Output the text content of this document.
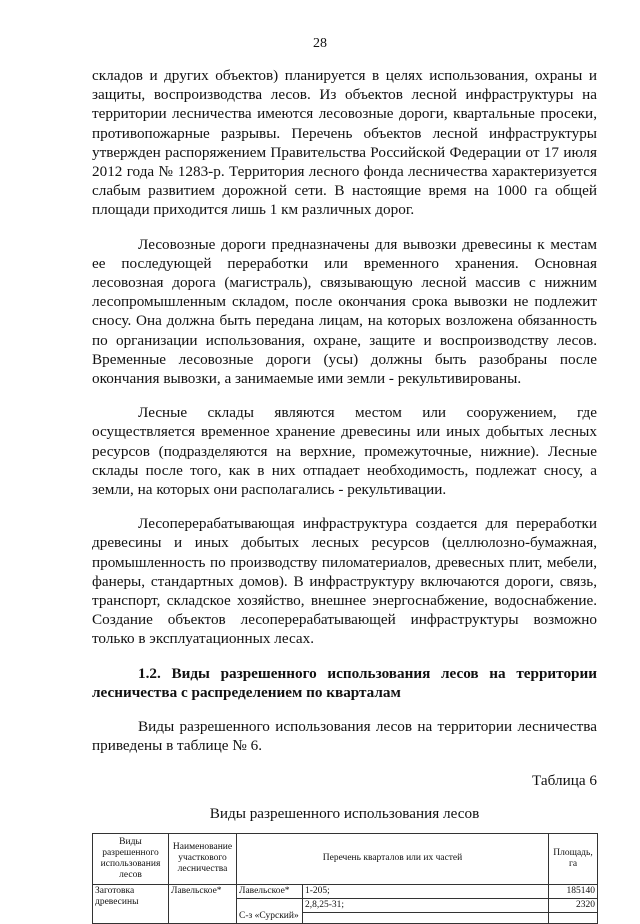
28

складов и других объектов) планируется в целях использования, охраны и защиты, воспроизводства лесов. Из объектов лесной инфраструктуры на территории лесничества имеются лесовозные дороги, квартальные просеки, противопожарные разрывы. Перечень объектов лесной инфраструктуры утвержден распоряжением Правительства Российской Федерации от 17 июля 2012 года № 1283-р. Территория лесного фонда лесничества характеризуется слабым развитием дорожной сети. В настоящие время на 1000 га общей площади приходится лишь 1 км различных дорог.

Лесовозные дороги предназначены для вывозки древесины к местам ее последующей переработки или временного хранения. Основная лесовозная дорога (магистраль), связывающую лесной массив с нижним лесопромышленным складом, после окончания срока вывозки не подлежит сносу. Она должна быть передана лицам, на которых возложена обязанность по организации использования, охране, защите и воспроизводству лесов. Временные лесовозные дороги (усы) должны быть разобраны после окончания вывозки, а занимаемые ими земли - рекультивированы.

Лесные склады являются местом или сооружением, где осуществляется временное хранение древесины или иных добытых лесных ресурсов (подразделяются на верхние, промежуточные, нижние). Лесные склады после того, как в них отпадает необходимость, подлежат сносу, а земли, на которых они располагались - рекультивации.

Лесоперерабатывающая инфраструктура создается для переработки древесины и иных добытых лесных ресурсов (целлюлозно-бумажная, промышленность по производству пиломатериалов, древесных плит, мебели, фанеры, стандартных домов). В инфраструктуру включаются дороги, связь, транспорт, складское хозяйство, внешнее энергоснабжение, водоснабжение. Создание объектов лесоперерабатывающей инфраструктуры возможно только в эксплуатационных лесах.

1.2. Виды разрешенного использования лесов на территории лесничества с распределением по кварталам

Виды разрешенного использования лесов на территории лесничества приведены в таблице № 6.

Таблица 6
Виды разрешенного использования лесов
Виды разрешенного использования лесов	Наименование участкового лесничества	Перечень кварталов или их частей		Площадь, га
Заготовка древесины	Лавельское*	Лавельское*	1-205;	185140
		С-з «Сурский»	2,8,25-31;	2320
